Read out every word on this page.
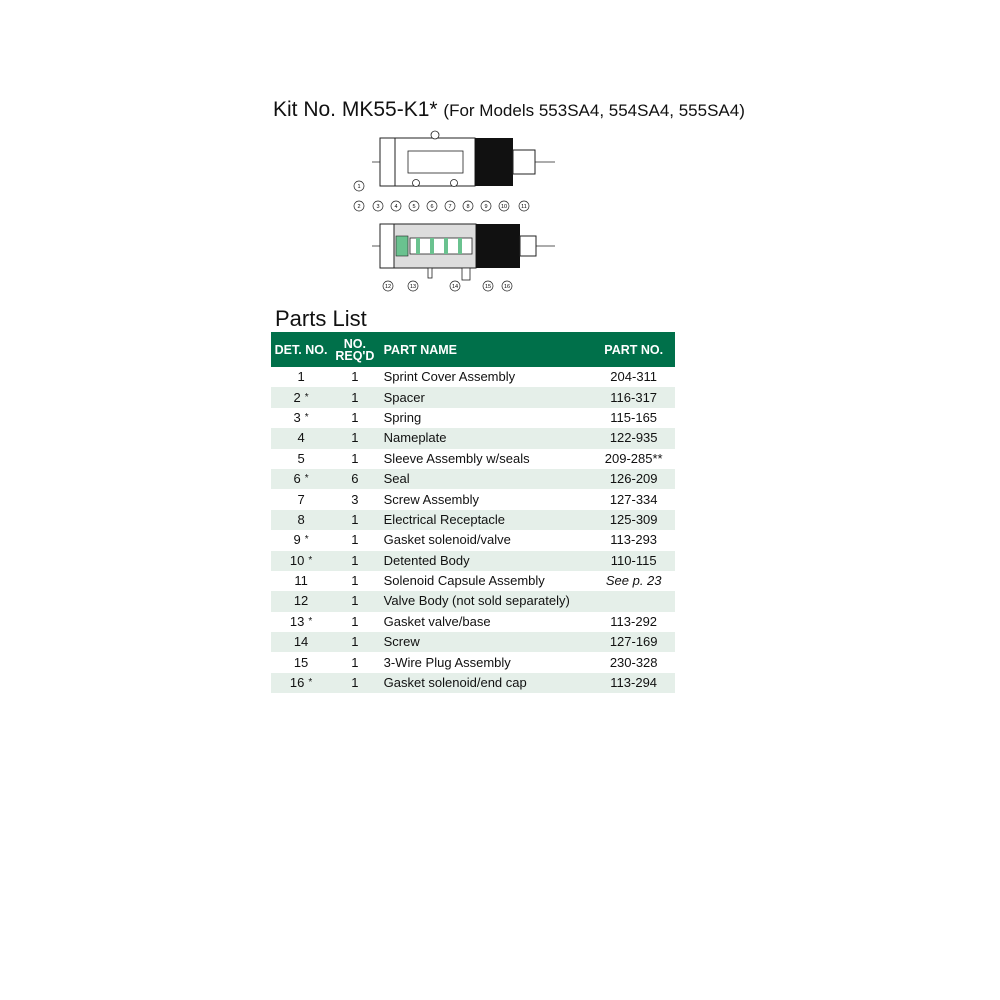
Kit No. MK55-K1* (For Models 553SA4, 554SA4, 555SA4)
1
2	3	4	5	6	7	8	9 10	11
12	13	14	15 16
Parts List
DET. NO.	NO. REQ'D	PART NAME	PART NO.
1	1	Sprint Cover Assembly	204-311
2 *	1	Spacer	116-317
3 *	1	Spring	115-165
4	1	Nameplate	122-935
5	1	Sleeve Assembly w/seals	209-285**
6 *	6	Seal	126-209
7	3	Screw Assembly	127-334
8	1	Electrical Receptacle	125-309
9 *	1	Gasket solenoid/valve	113-293
10 *	1	Detented Body	110-115
11	1	Solenoid Capsule Assembly	See p. 23
12	1	Valve Body (not sold separately)	
13 *	1	Gasket valve/base	113-292
14	1	Screw	127-169
15	1	3-Wire Plug Assembly	230-328
16 *	1	Gasket solenoid/end cap	113-294
